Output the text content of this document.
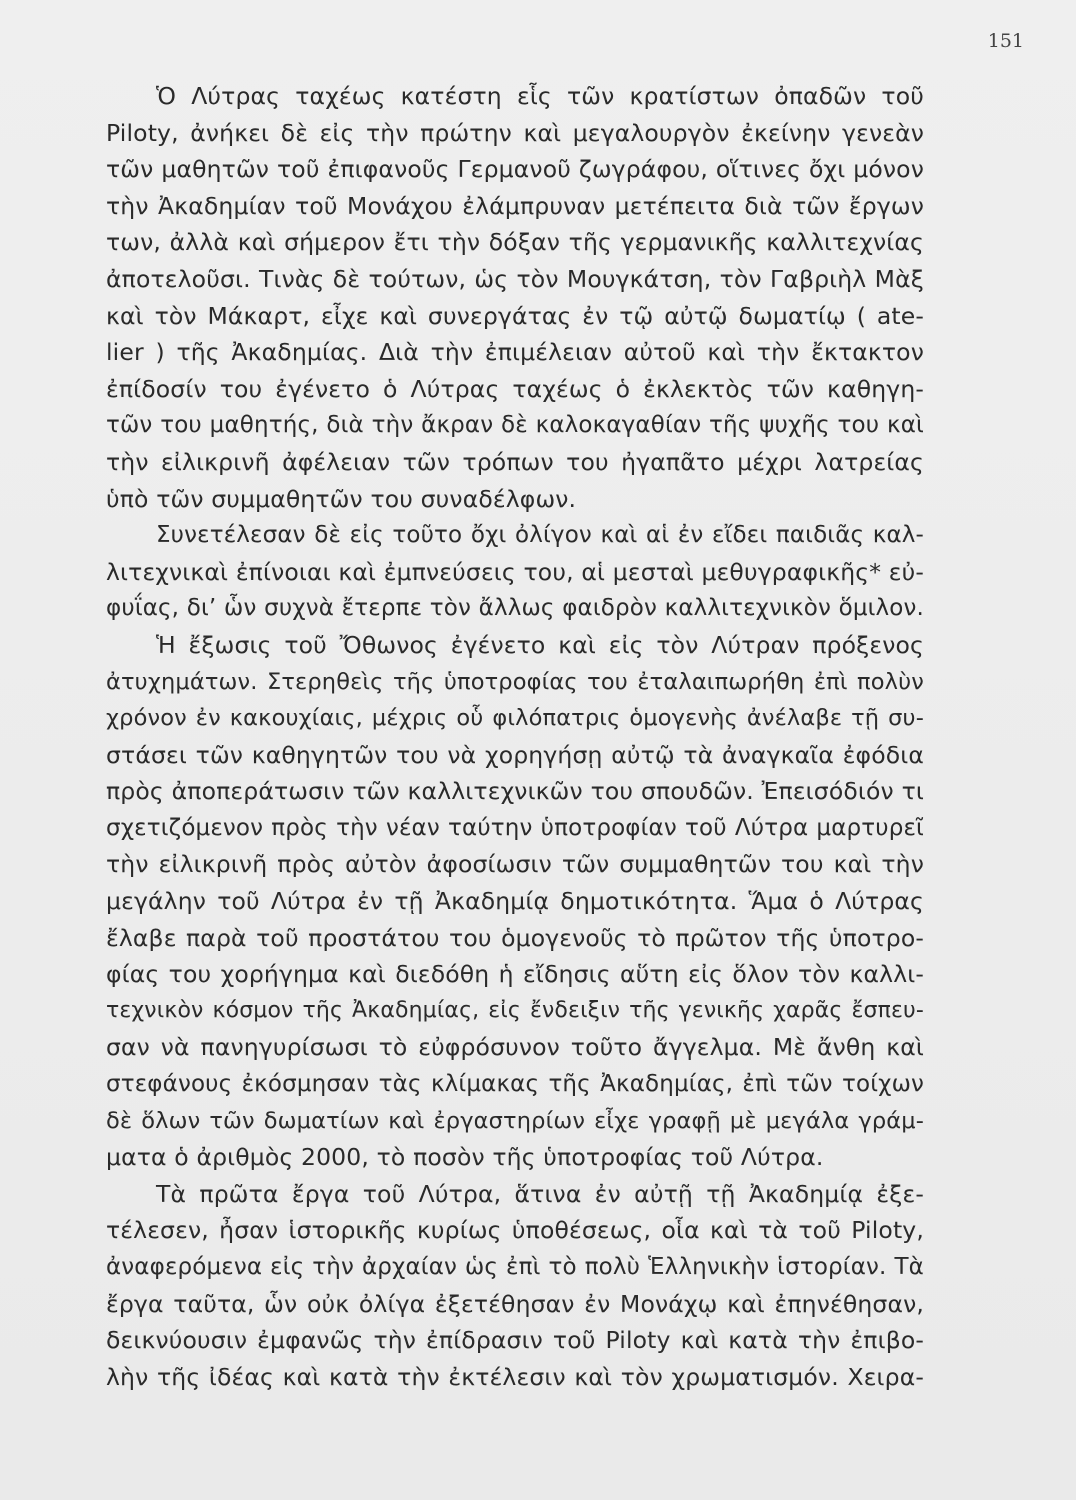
151
Ὁ Λύτρας ταχέως κατέστη εἷς τῶν κρατίστων ὀπαδῶν τοῦ
Piloty, ἀνήκει δὲ εἰς τὴν πρώτην καὶ μεγαλουργὸν ἐκείνην γενεὰν
τῶν μαθητῶν τοῦ ἐπιφανοῦς Γερμανοῦ ζωγράφου, οἵτινες ὄχι μόνον
τὴν Ἀκαδημίαν τοῦ Μονάχου ἐλάμπρυναν μετέπειτα διὰ τῶν ἔργων
των, ἀλλὰ καὶ σήμερον ἔτι τὴν δόξαν τῆς γερμανικῆς καλλιτεχνίας
ἀποτελοῦσι. Τινὰς δὲ τούτων, ὡς τὸν Μουγκάτση, τὸν Γαβριὴλ Μὰξ
καὶ τὸν Μάκαρτ, εἶχε καὶ συνεργάτας ἐν τῷ αὐτῷ δωματίῳ ( ate-
lier ) τῆς Ἀκαδημίας. Διὰ τὴν ἐπιμέλειαν αὐτοῦ καὶ τὴν ἔκτακτον
ἐπίδοσίν του ἐγένετο ὁ Λύτρας ταχέως ὁ ἐκλεκτὸς τῶν καθηγη-
τῶν του μαθητής, διὰ τὴν ἄκραν δὲ καλοκαγαθίαν τῆς ψυχῆς του καὶ
τὴν εἰλικρινῆ ἀφέλειαν τῶν τρόπων του ἠγαπᾶτο μέχρι λατρείας
ὑπὸ τῶν συμμαθητῶν του συναδέλφων.
Συνετέλεσαν δὲ εἰς τοῦτο ὄχι ὀλίγον καὶ αἱ ἐν εἴδει παιδιᾶς καλ-
λιτεχνικαὶ ἐπίνοιαι καὶ ἐμπνεύσεις του, αἱ μεσταὶ μεθυγραφικῆς* εὐ-
φυΐας, δι’ ὧν συχνὰ ἔτερπε τὸν ἄλλως φαιδρὸν καλλιτεχνικὸν ὅμιλον.
Ἡ ἔξωσις τοῦ Ὄθωνος ἐγένετο καὶ εἰς τὸν Λύτραν πρόξενος
ἀτυχημάτων. Στερηθεὶς τῆς ὑποτροφίας του ἐταλαιπωρήθη ἐπὶ πολὺν
χρόνον ἐν κακουχίαις, μέχρις οὗ φιλόπατρις ὁμογενὴς ἀνέλαβε τῇ συ-
στάσει τῶν καθηγητῶν του νὰ χορηγήσῃ αὐτῷ τὰ ἀναγκαῖα ἐφόδια
πρὸς ἀποπεράτωσιν τῶν καλλιτεχνικῶν του σπουδῶν. Ἐπεισόδιόν τι
σχετιζόμενον πρὸς τὴν νέαν ταύτην ὑποτροφίαν τοῦ Λύτρα μαρτυρεῖ
τὴν εἰλικρινῆ πρὸς αὐτὸν ἀφοσίωσιν τῶν συμμαθητῶν του καὶ τὴν
μεγάλην τοῦ Λύτρα ἐν τῇ Ἀκαδημίᾳ δημοτικότητα. Ἅμα ὁ Λύτρας
ἔλαβε παρὰ τοῦ προστάτου του ὁμογενοῦς τὸ πρῶτον τῆς ὑποτρο-
φίας του χορήγημα καὶ διεδόθη ἡ εἴδησις αὕτη εἰς ὅλον τὸν καλλι-
τεχνικὸν κόσμον τῆς Ἀκαδημίας, εἰς ἔνδειξιν τῆς γενικῆς χαρᾶς ἔσπευ-
σαν νὰ πανηγυρίσωσι τὸ εὐφρόσυνον τοῦτο ἄγγελμα. Μὲ ἄνθη καὶ
στεφάνους ἐκόσμησαν τὰς κλίμακας τῆς Ἀκαδημίας, ἐπὶ τῶν τοίχων
δὲ ὅλων τῶν δωματίων καὶ ἐργαστηρίων εἶχε γραφῇ μὲ μεγάλα γράμ-
ματα ὁ ἀριθμὸς 2000, τὸ ποσὸν τῆς ὑποτροφίας τοῦ Λύτρα.
Τὰ πρῶτα ἔργα τοῦ Λύτρα, ἅτινα ἐν αὐτῇ τῇ Ἀκαδημίᾳ ἐξε-
τέλεσεν, ἦσαν ἱστορικῆς κυρίως ὑποθέσεως, οἷα καὶ τὰ τοῦ Piloty,
ἀναφερόμενα εἰς τὴν ἀρχαίαν ὡς ἐπὶ τὸ πολὺ Ἑλληνικὴν ἱστορίαν. Τὰ
ἔργα ταῦτα, ὧν οὐκ ὀλίγα ἐξετέθησαν ἐν Μονάχῳ καὶ ἐπηνέθησαν,
δεικνύουσιν ἐμφανῶς τὴν ἐπίδρασιν τοῦ Piloty καὶ κατὰ τὴν ἐπιβο-
λὴν τῆς ἰδέας καὶ κατὰ τὴν ἐκτέλεσιν καὶ τὸν χρωματισμόν. Χειρα-
